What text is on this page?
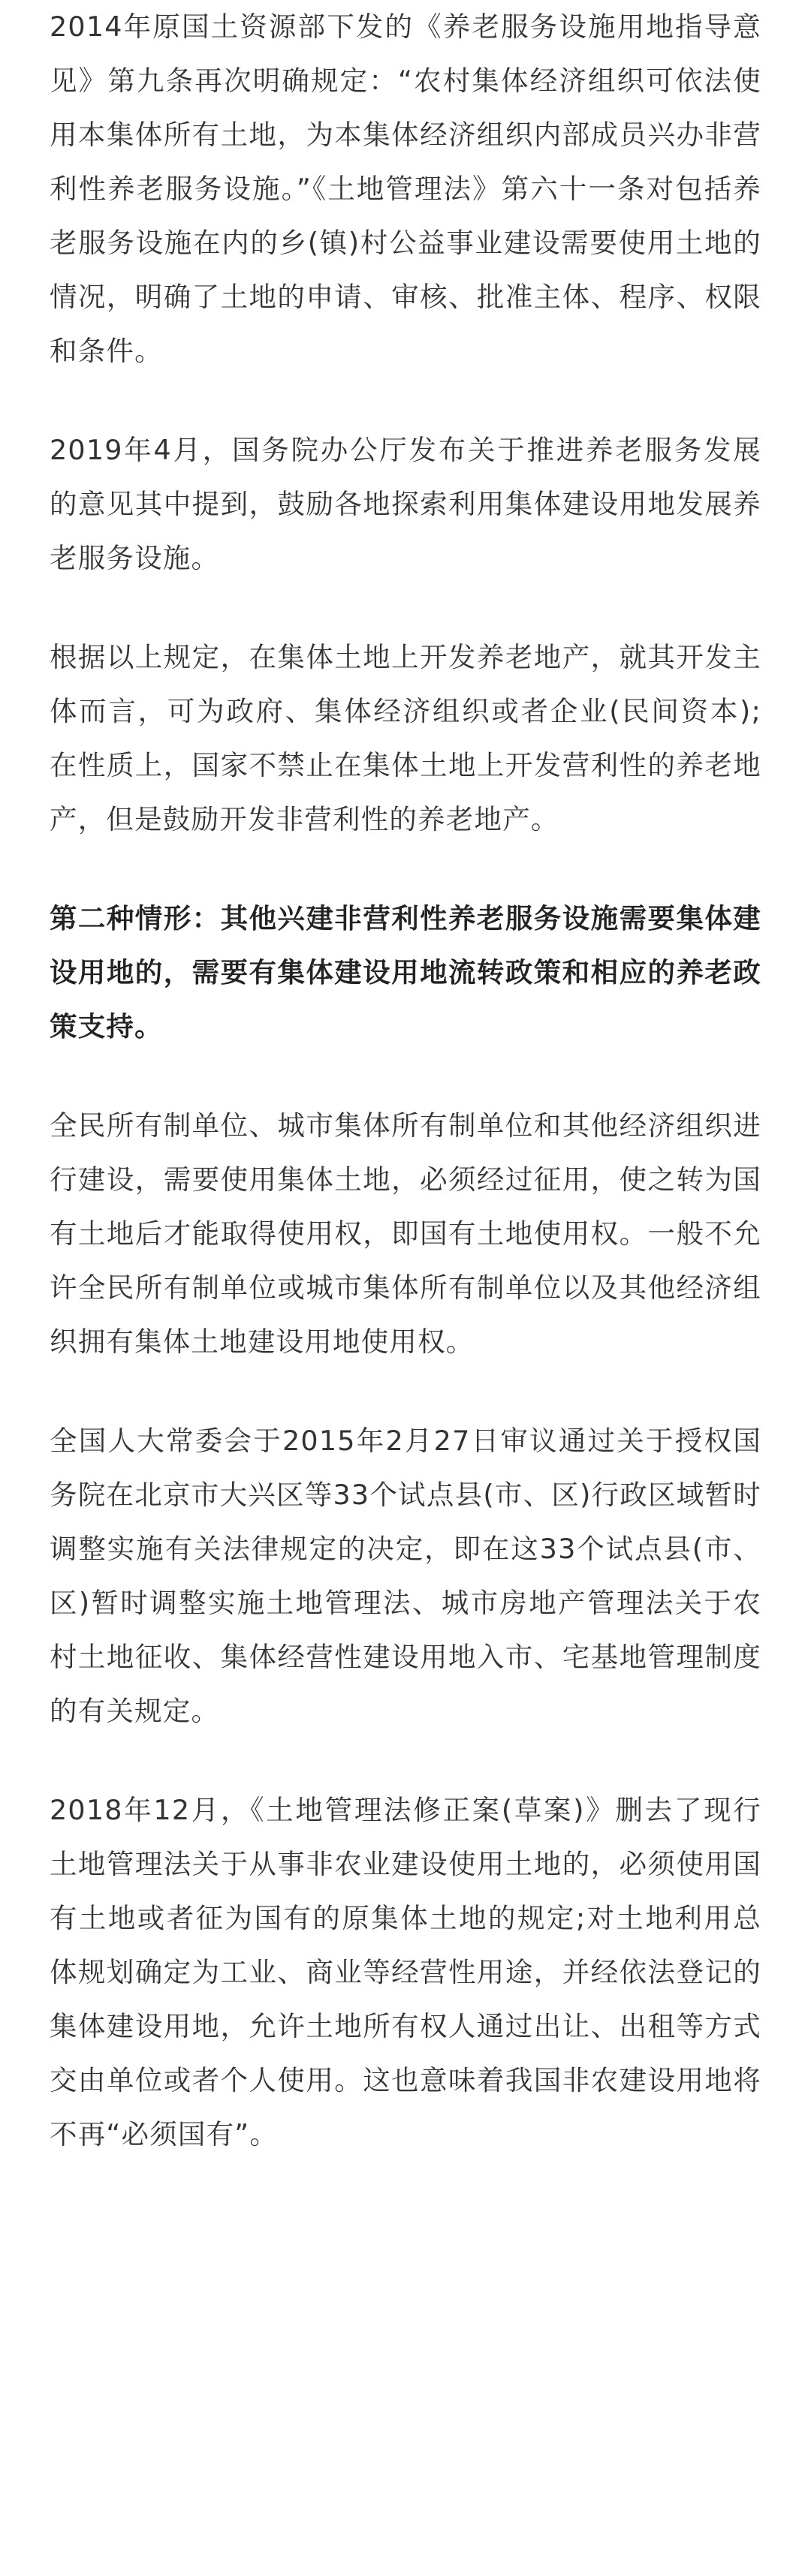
2014年原国土资源部下发的《养老服务设施用地指导意见》第九条再次明确规定：“农村集体经济组织可依法使用本集体所有土地，为本集体经济组织内部成员兴办非营利性养老服务设施。”《土地管理法》第六十一条对包括养老服务设施在内的乡(镇)村公益事业建设需要使用土地的情况，明确了土地的申请、审核、批准主体、程序、权限和条件。

2019年4月，国务院办公厅发布关于推进养老服务发展的意见其中提到，鼓励各地探索利用集体建设用地发展养老服务设施。

根据以上规定，在集体土地上开发养老地产，就其开发主体而言，可为政府、集体经济组织或者企业(民间资本);在性质上，国家不禁止在集体土地上开发营利性的养老地产，但是鼓励开发非营利性的养老地产。

第二种情形：其他兴建非营利性养老服务设施需要集体建设用地的，需要有集体建设用地流转政策和相应的养老政策支持。

全民所有制单位、城市集体所有制单位和其他经济组织进行建设，需要使用集体土地，必须经过征用，使之转为国有土地后才能取得使用权，即国有土地使用权。一般不允许全民所有制单位或城市集体所有制单位以及其他经济组织拥有集体土地建设用地使用权。

全国人大常委会于2015年2月27日审议通过关于授权国务院在北京市大兴区等33个试点县(市、区)行政区域暂时调整实施有关法律规定的决定，即在这33个试点县(市、区)暂时调整实施土地管理法、城市房地产管理法关于农村土地征收、集体经营性建设用地入市、宅基地管理制度的有关规定。

2018年12月，《土地管理法修正案(草案)》删去了现行土地管理法关于从事非农业建设使用土地的，必须使用国有土地或者征为国有的原集体土地的规定;对土地利用总体规划确定为工业、商业等经营性用途，并经依法登记的集体建设用地，允许土地所有权人通过出让、出租等方式交由单位或者个人使用。这也意味着我国非农建设用地将不再“必须国有”。
